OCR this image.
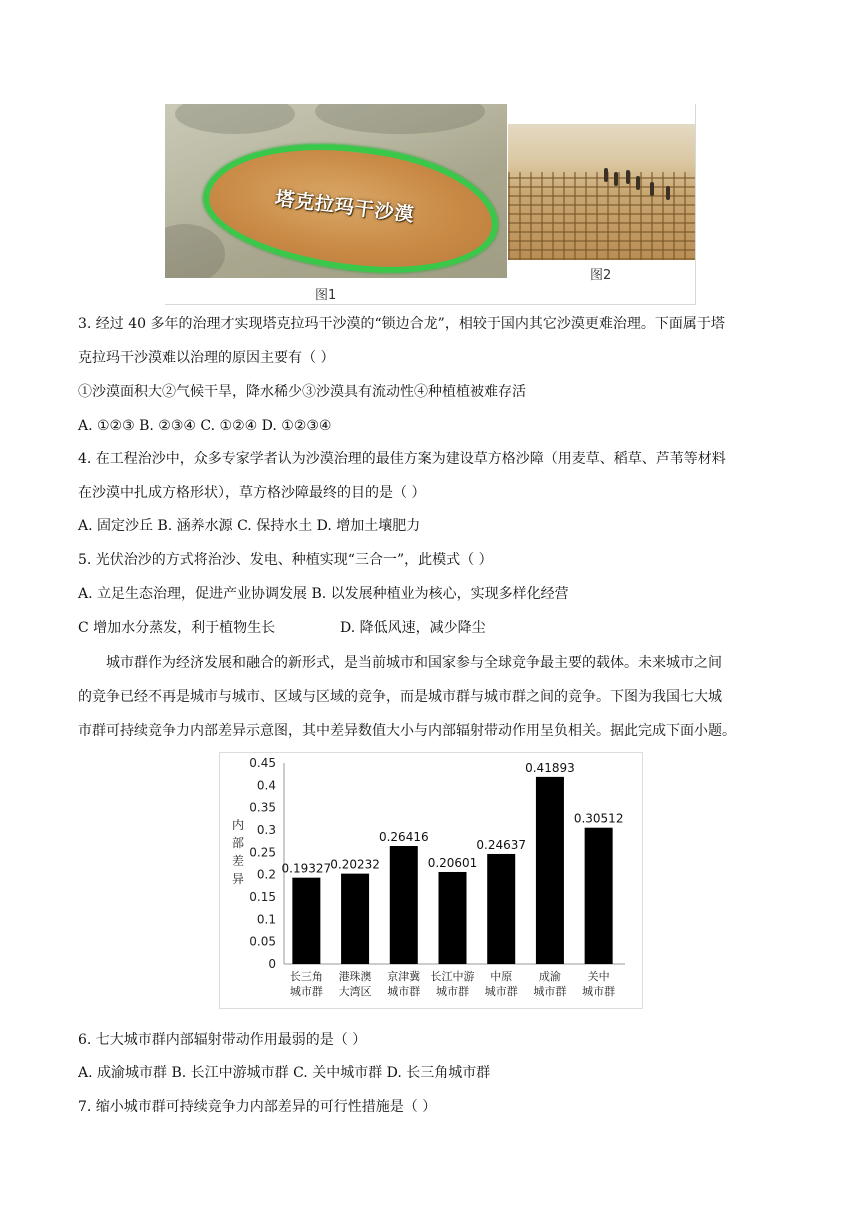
塔克拉玛干沙漠
图1
图2

3. 经过 40 多年的治理才实现塔克拉玛干沙漠的“锁边合龙”，相较于国内其它沙漠更难治理。下面属于塔

克拉玛干沙漠难以治理的原因主要有（ ）

①沙漠面积大②气候干旱，降水稀少③沙漠具有流动性④种植植被难存活

A. ①②③ B. ②③④ C. ①②④ D. ①②③④

4. 在工程治沙中，众多专家学者认为沙漠治理的最佳方案为建设草方格沙障（用麦草、稻草、芦苇等材料

在沙漠中扎成方格形状），草方格沙障最终的目的是（ ）

A. 固定沙丘 B. 涵养水源 C. 保持水土 D. 增加土壤肥力

5. 光伏治沙的方式将治沙、发电、种植实现“三合一”，此模式（ ）

A. 立足生态治理，促进产业协调发展 B. 以发展种植业为核心，实现多样化经营

C 增加水分蒸发，利于植物生长	D. 降低风速，减少降尘

城市群作为经济发展和融合的新形式，是当前城市和国家参与全球竞争最主要的载体。未来城市之间

的竞争已经不再是城市与城市、区域与区域的竞争，而是城市群与城市群之间的竞争。下图为我国七大城

市群可持续竞争力内部差异示意图，其中差异数值大小与内部辐射带动作用呈负相关。据此完成下面小题。

0
0.05
0.1
0.15
0.2
0.25
0.3
0.35
0.4
0.45
内
部
差
异
0.19327
长三角
城市群
0.20232
港珠澳
大湾区
0.26416
京津冀
城市群
0.20601
长江中游
城市群
0.24637
中原
城市群
0.41893
成渝
城市群
0.30512
关中
城市群

6. 七大城市群内部辐射带动作用最弱的是（ ）

A. 成渝城市群 B. 长江中游城市群 C. 关中城市群 D. 长三角城市群

7. 缩小城市群可持续竞争力内部差异的可行性措施是（ ）
